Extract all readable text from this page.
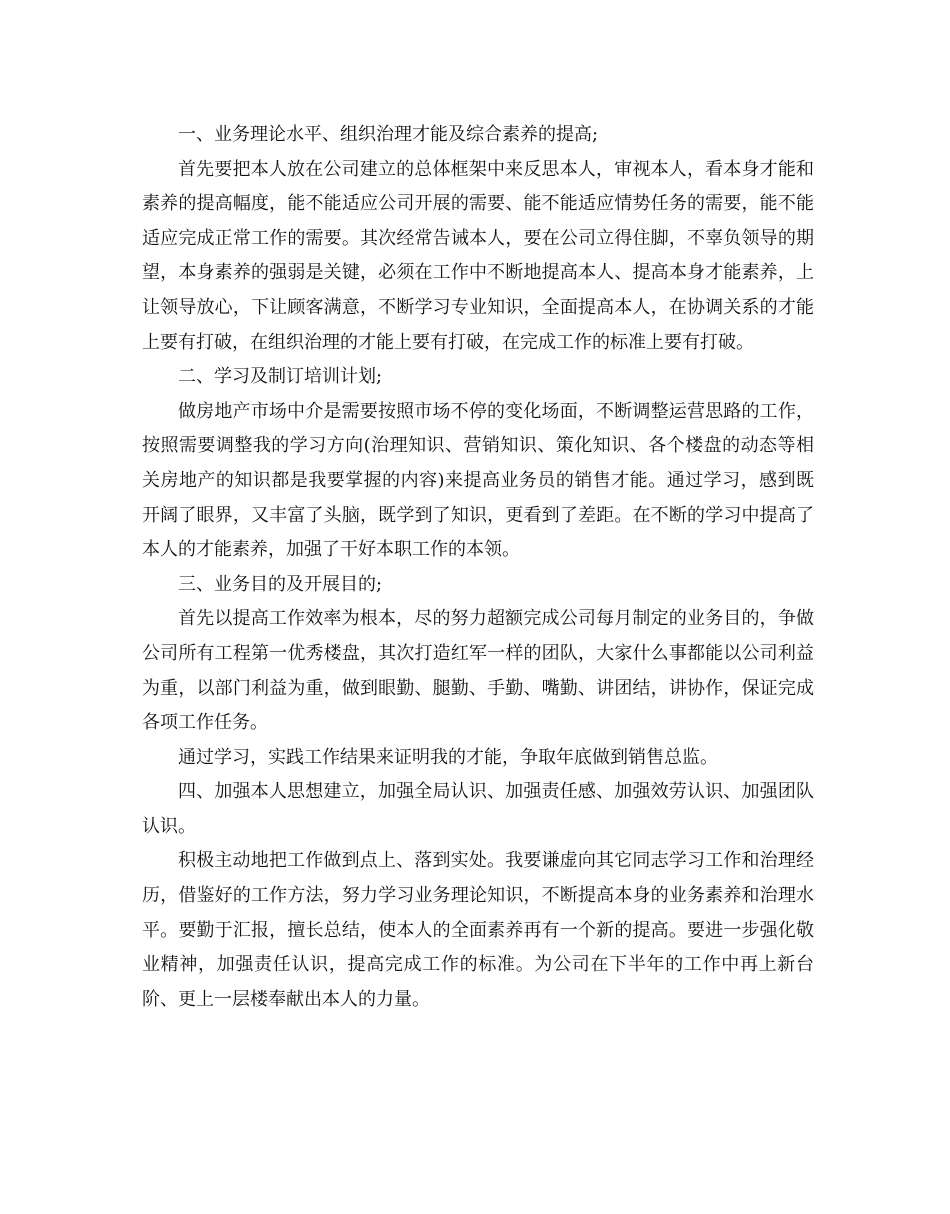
一、业务理论水平、组织治理才能及综合素养的提高;

首先要把本人放在公司建立的总体框架中来反思本人，审视本人，看本身才能和素养的提高幅度，能不能适应公司开展的需要、能不能适应情势任务的需要，能不能适应完成正常工作的需要。其次经常告诫本人，要在公司立得住脚，不辜负领导的期望，本身素养的强弱是关键，必须在工作中不断地提高本人、提高本身才能素养，上让领导放心，下让顾客满意，不断学习专业知识，全面提高本人，在协调关系的才能上要有打破，在组织治理的才能上要有打破，在完成工作的标准上要有打破。

二、学习及制订培训计划;

做房地产市场中介是需要按照市场不停的变化场面，不断调整运营思路的工作，按照需要调整我的学习方向(治理知识、营销知识、策化知识、各个楼盘的动态等相关房地产的知识都是我要掌握的内容)来提高业务员的销售才能。通过学习，感到既开阔了眼界，又丰富了头脑，既学到了知识，更看到了差距。在不断的学习中提高了本人的才能素养，加强了干好本职工作的本领。

三、业务目的及开展目的;

首先以提高工作效率为根本，尽的努力超额完成公司每月制定的业务目的，争做公司所有工程第一优秀楼盘，其次打造红军一样的团队，大家什么事都能以公司利益为重，以部门利益为重，做到眼勤、腿勤、手勤、嘴勤、讲团结，讲协作，保证完成各项工作任务。

通过学习，实践工作结果来证明我的才能，争取年底做到销售总监。

四、加强本人思想建立，加强全局认识、加强责任感、加强效劳认识、加强团队认识。

积极主动地把工作做到点上、落到实处。我要谦虚向其它同志学习工作和治理经历，借鉴好的工作方法，努力学习业务理论知识，不断提高本身的业务素养和治理水平。要勤于汇报，擅长总结，使本人的全面素养再有一个新的提高。要进一步强化敬业精神，加强责任认识，提高完成工作的标准。为公司在下半年的工作中再上新台阶、更上一层楼奉献出本人的力量。
